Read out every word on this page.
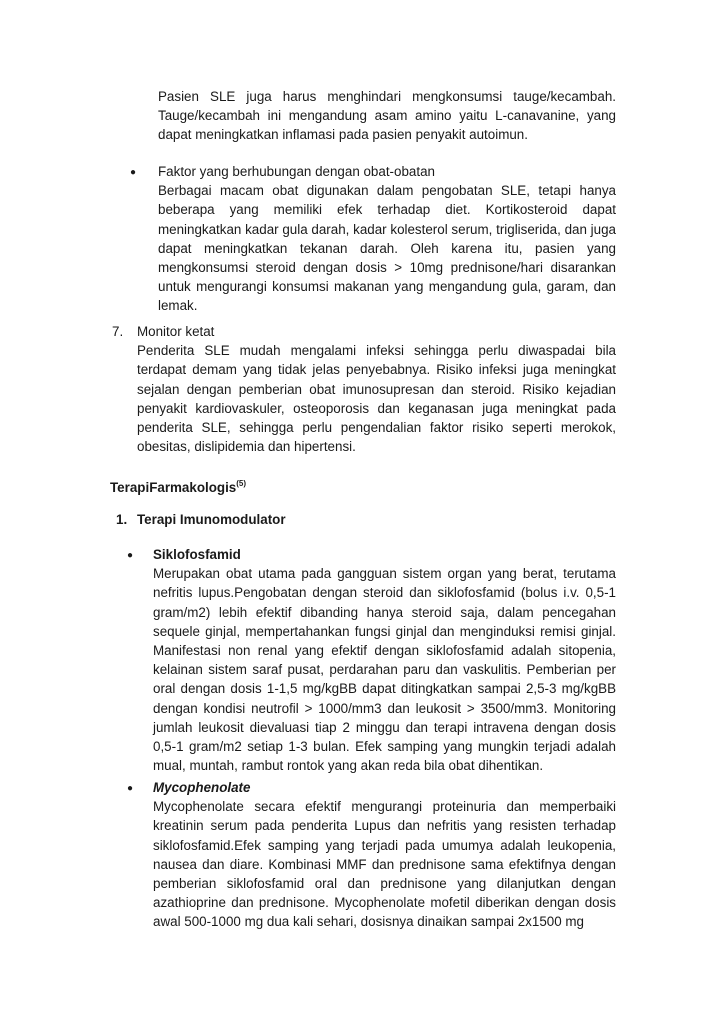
Pasien SLE juga harus menghindari mengkonsumsi tauge/kecambah. Tauge/kecambah ini mengandung asam amino yaitu L-canavanine, yang dapat meningkatkan inflamasi pada pasien penyakit autoimun.

● Faktor yang berhubungan dengan obat-obatan

Berbagai macam obat digunakan dalam pengobatan SLE, tetapi hanya beberapa yang memiliki efek terhadap diet. Kortikosteroid dapat meningkatkan kadar gula darah, kadar kolesterol serum, trigliserida, dan juga dapat meningkatkan tekanan darah. Oleh karena itu, pasien yang mengkonsumsi steroid dengan dosis > 10mg prednisone/hari disarankan untuk mengurangi konsumsi makanan yang mengandung gula, garam, dan lemak.

7. Monitor ketat

Penderita SLE mudah mengalami infeksi sehingga perlu diwaspadai bila terdapat demam yang tidak jelas penyebabnya. Risiko infeksi juga meningkat sejalan dengan pemberian obat imunosupresan dan steroid. Risiko kejadian penyakit kardiovaskuler, osteoporosis dan keganasan juga meningkat pada penderita SLE, sehingga perlu pengendalian faktor risiko seperti merokok, obesitas, dislipidemia dan hipertensi.

TerapiFarmakologis$^{(5)}$
1. Terapi Imunomodulator
● Siklofosfamid

Merupakan obat utama pada gangguan sistem organ yang berat, terutama nefritis lupus.Pengobatan dengan steroid dan siklofosfamid (bolus i.v. 0,5-1 gram/m2) lebih efektif dibanding hanya steroid saja, dalam pencegahan sequele ginjal, mempertahankan fungsi ginjal dan menginduksi remisi ginjal. Manifestasi non renal yang efektif dengan siklofosfamid adalah sitopenia, kelainan sistem saraf pusat, perdarahan paru dan vaskulitis. Pemberian per oral dengan dosis 1-1,5 mg/kgBB dapat ditingkatkan sampai 2,5-3 mg/kgBB dengan kondisi neutrofil > 1000/mm3 dan leukosit > 3500/mm3. Monitoring jumlah leukosit dievaluasi tiap 2 minggu dan terapi intravena dengan dosis 0,5-1 gram/m2 setiap 1-3 bulan. Efek samping yang mungkin terjadi adalah mual, muntah, rambut rontok yang akan reda bila obat dihentikan.

● Mycophenolate

Mycophenolate secara efektif mengurangi proteinuria dan memperbaiki kreatinin serum pada penderita Lupus dan nefritis yang resisten terhadap siklofosfamid.Efek samping yang terjadi pada umumya adalah leukopenia, nausea dan diare. Kombinasi MMF dan prednisone sama efektifnya dengan pemberian siklofosfamid oral dan prednisone yang dilanjutkan dengan azathioprine dan prednisone. Mycophenolate mofetil diberikan dengan dosis awal 500-1000 mg dua kali sehari, dosisnya dinaikan sampai 2x1500 mg
